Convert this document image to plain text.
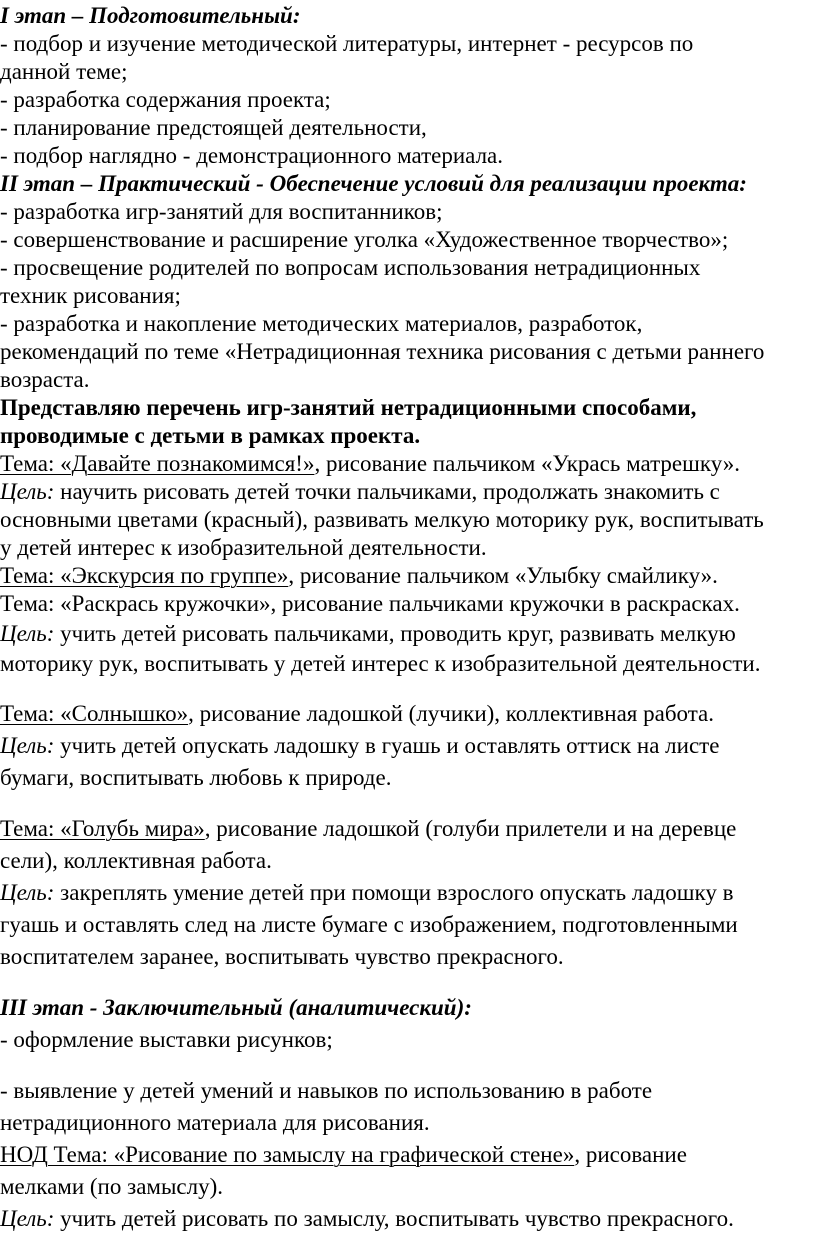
I этап – Подготовительный:
- подбор и изучение методической литературы, интернет - ресурсов по
данной теме;
- разработка содержания проекта;
- планирование предстоящей деятельности,
- подбор наглядно - демонстрационного материала.
II этап – Практический - Обеспечение условий для реализации проекта:
- разработка игр-занятий для воспитанников;
- совершенствование и расширение уголка «Художественное творчество»;
- просвещение родителей по вопросам использования нетрадиционных
техник рисования;
- разработка и накопление методических материалов, разработок,
рекомендаций по теме «Нетрадиционная техника рисования с детьми раннего
возраста.
Представляю перечень игр-занятий нетрадиционными способами,
проводимые с детьми в рамках проекта.
Тема: «Давайте познакомимся!», рисование пальчиком «Укрась матрешку».
Цель: научить рисовать детей точки пальчиками, продолжать знакомить с
основными цветами (красный), развивать мелкую моторику рук, воспитывать
у детей интерес к изобразительной деятельности.
Тема: «Экскурсия по группе», рисование пальчиком «Улыбку смайлику».
Тема: «Раскрась кружочки», рисование пальчиками кружочки в раскрасках.
Цель: учить детей рисовать пальчиками, проводить круг, развивать мелкую
моторику рук, воспитывать у детей интерес к изобразительной деятельности.
Тема: «Солнышко», рисование ладошкой (лучики), коллективная работа.
Цель: учить детей опускать ладошку в гуашь и оставлять оттиск на листе
бумаги, воспитывать любовь к природе.
Тема: «Голубь мира», рисование ладошкой (голуби прилетели и на деревце
сели), коллективная работа.
Цель: закреплять умение детей при помощи взрослого опускать ладошку в
гуашь и оставлять след на листе бумаге с изображением, подготовленными
воспитателем заранее, воспитывать чувство прекрасного.
III этап - Заключительный (аналитический):
- оформление выставки рисунков;
- выявление у детей умений и навыков по использованию в работе
нетрадиционного материала для рисования.
НОД Тема: «Рисование по замыслу на графической стене», рисование
мелками (по замыслу).
Цель: учить детей рисовать по замыслу, воспитывать чувство прекрасного.
